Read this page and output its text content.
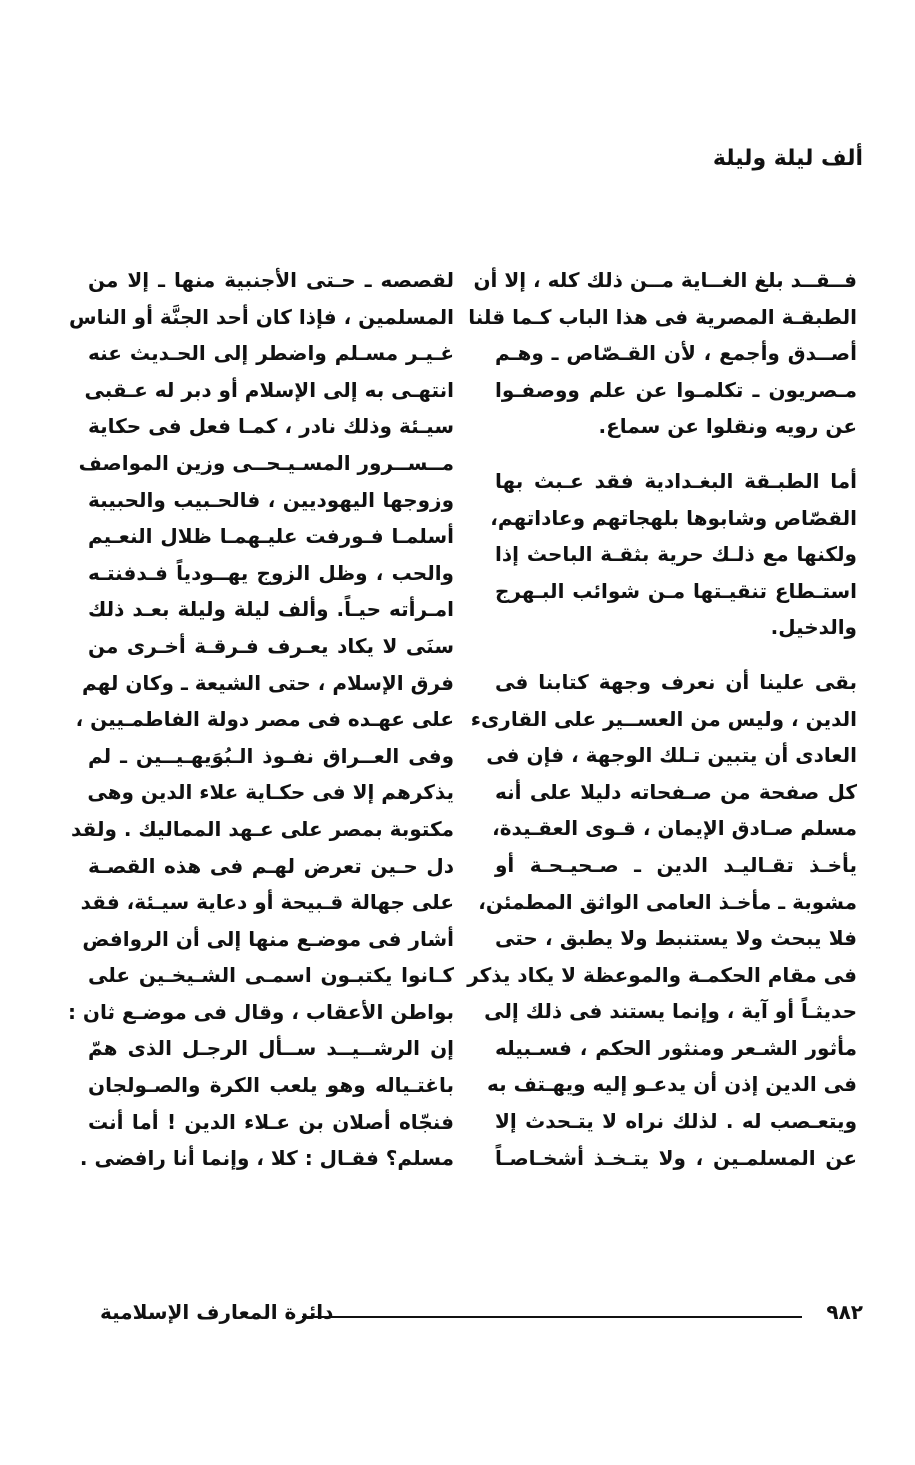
ألف ليلة وليلة

فــقــد بلغ الغــاية مــن ذلك كله ، إلا أن
الطبقـة المصرية فى هذا الباب كـما قلنا
أصــدق وأجمع ، لأن القـصّاص ـ وهـم
مـصريون ـ تكلمـوا عن علم ووصفـوا
عن رويه ونقلوا عن سماع.

أما الطبـقة البغـدادية فقد عـبث بها
القصّاص وشابوها بلهجاتهم وعاداتهم،
ولكنها مع ذلـك حرية بثقـة الباحث إذا
استـطاع تنقيـتها مـن شوائب البـهرج
والدخيل.

بقى علينا أن نعرف وجهة كتابنا فى
الدين ، وليس من العســير على القارىء
العادى أن يتبين تـلك الوجهة ، فإن فى
كل صفحة من صـفحاته دليلا على أنه
مسلم صـادق الإيمان ، قـوى العقـيدة،
يأخـذ تقـاليـد الدين ـ صـحيـحـة أو
مشوبة ـ مأخـذ العامى الواثق المطمئن،
فلا يبحث ولا يستنبط ولا يطبق ، حتى
فى مقام الحكمـة والموعظة لا يكاد يذكر
حديثـاً أو آية ، وإنما يستند فى ذلك إلى
مأثور الشـعر ومنثور الحكم ، فسـبيله
فى الدين إذن أن يدعـو إليه ويهـتف به
ويتعـصب له . لذلك نراه لا يتـحدث إلا
عن المسلمـين ، ولا يتـخـذ أشخـاصـاً

لقصصه ـ حـتى الأجنبية منها ـ إلا من
المسلمين ، فإذا كان أحد الجنَّة أو الناس
غـيـر مسـلم واضطر إلى الحـديث عنه
انتهـى به إلى الإسلام أو دبر له عـقبى
سيـئة وذلك نادر ، كمـا فعل فى حكاية
مــســرور المسـيـحــى وزين المواصف
وزوجها اليهوديين ، فالحـبيب والحبيبة
أسلمـا فـورفت عليـهمـا ظلال النعـيم
والحب ، وظل الزوج يهــودياً فـدفنتـه
امـرأته حيـاً. وألف ليلة وليلة بعـد ذلك
سنَى لا يكاد يعـرف فـرقـة أخـرى من
فرق الإسلام ، حتى الشيعة ـ وكان لهم
على عهـده فى مصر دولة الفاطمـيين ،
وفى العــراق نفـوذ الـبُوَيهـيــين ـ لم
يذكرهم إلا فى حكـاية علاء الدين وهى
مكتوبة بمصر على عـهد المماليك . ولقد
دل حـين تعرض لهـم فى هذه القصـة
على جهالة قـبيحة أو دعاية سيـئة، فقد
أشار فى موضـع منها إلى أن الروافض
كـانوا يكتبـون اسمـى الشـيخـين على
بواطن الأعقاب ، وقال فى موضـع ثان :
إن الرشــيــد ســأل الرجـل الذى همّ
باغتـياله وهو يلعب الكرة والصـولجان
فنجّاه أصلان بن عـلاء الدين ! أما أنت
مسلم؟ فقـال : كلا ، وإنما أنا رافضى .

دائرة المعارف الإسلامية	٩٨٢
